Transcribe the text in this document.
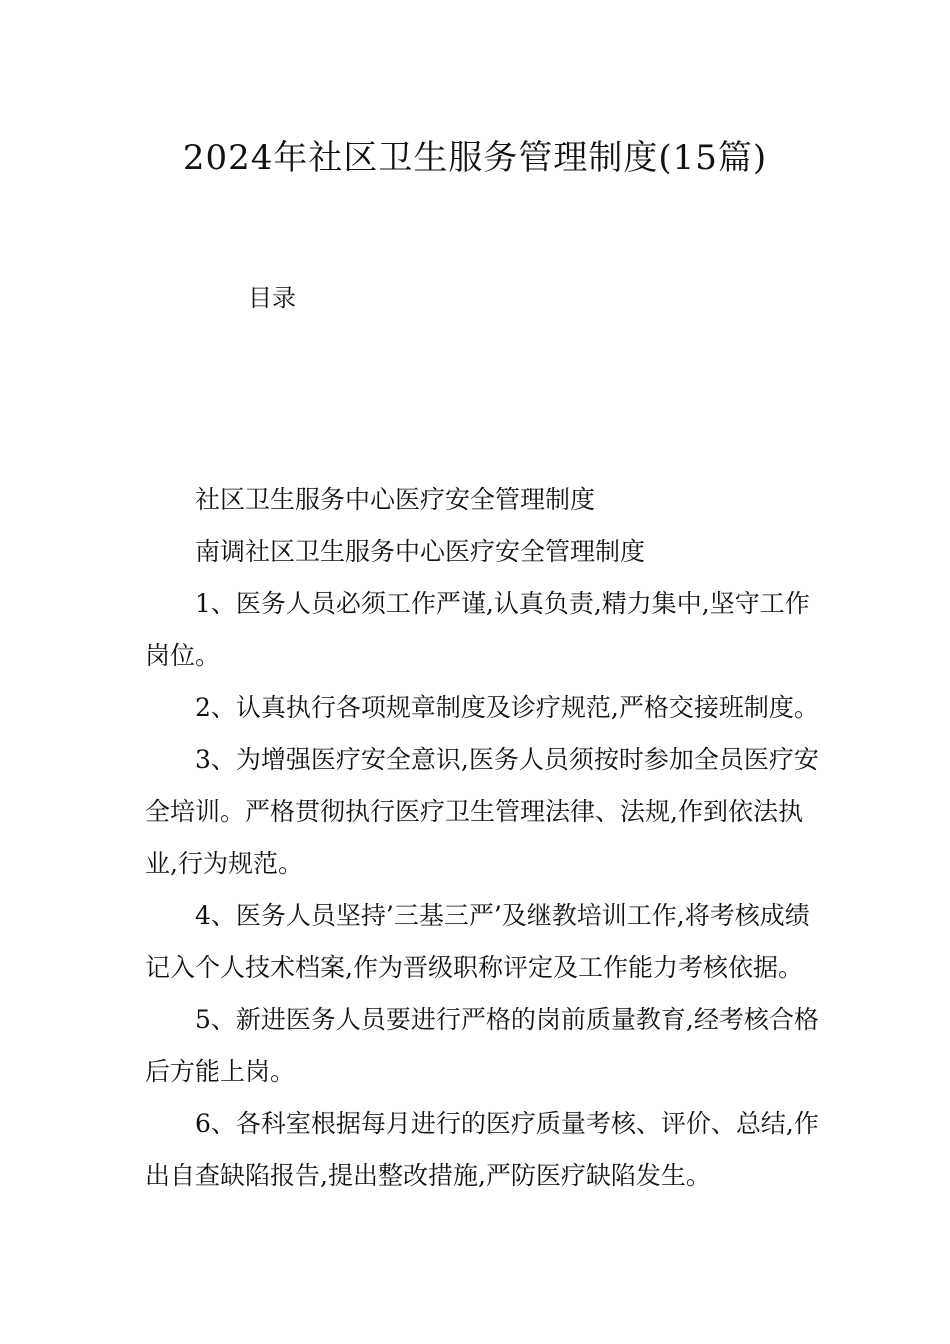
2024年社区卫生服务管理制度(15篇)

目录

社区卫生服务中心医疗安全管理制度

南调社区卫生服务中心医疗安全管理制度

1、医务人员必须工作严谨,认真负责,精力集中,坚守工作岗位。

2、认真执行各项规章制度及诊疗规范,严格交接班制度。

3、为增强医疗安全意识,医务人员须按时参加全员医疗安全培训。严格贯彻执行医疗卫生管理法律、法规,作到依法执业,行为规范。

4、医务人员坚持’三基三严’及继教培训工作,将考核成绩记入个人技术档案,作为晋级职称评定及工作能力考核依据。

5、新进医务人员要进行严格的岗前质量教育,经考核合格后方能上岗。

6、各科室根据每月进行的医疗质量考核、评价、总结,作出自查缺陷报告,提出整改措施,严防医疗缺陷发生。
